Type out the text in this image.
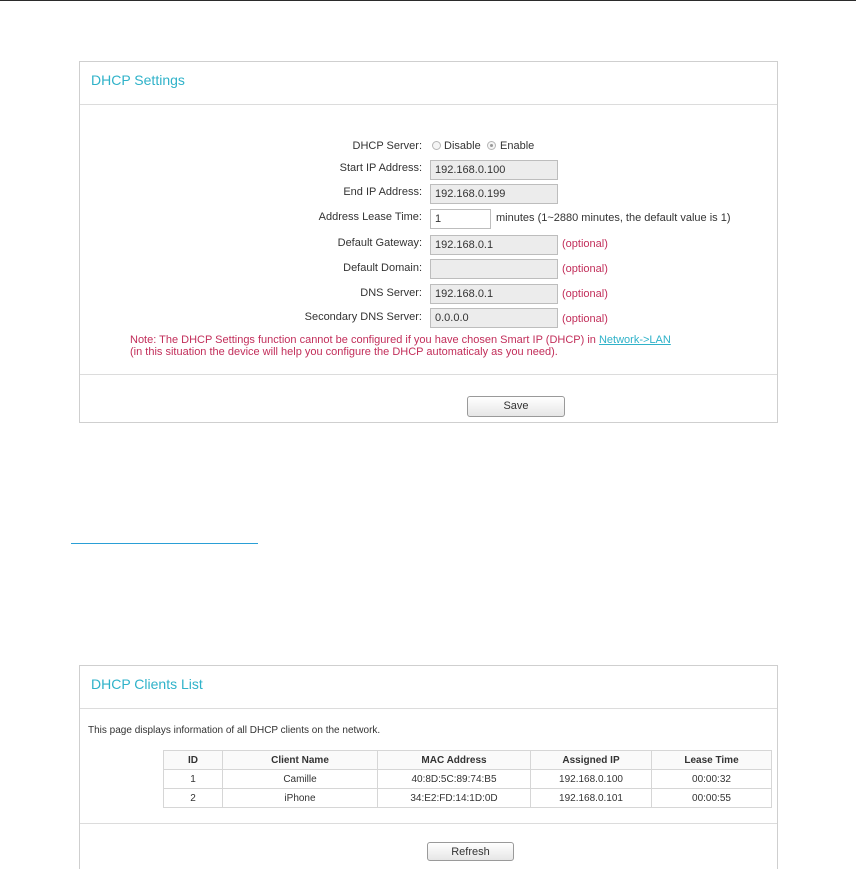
DHCP Settings
DHCP Server: Disable Enable
Start IP Address:
192.168.0.100
End IP Address:
192.168.0.199
Address Lease Time:
1	minutes (1~2880 minutes, the default value is 1)
Default Gateway:
192.168.0.1	(optional)
Default Domain:	(optional)
DNS Server:
192.168.0.1	(optional)
Secondary DNS Server:
0.0.0.0	(optional)
Note: The DHCP Settings function cannot be configured if you have chosen Smart IP (DHCP) in Network->LAN
(in this situation the device will help you configure the DHCP automaticaly as you need).
Save
DHCP Clients List
This page displays information of all DHCP clients on the network.
Refresh
ID	Client Name	MAC Address	Assigned IP	Lease Time
1	Camille	40:8D:5C:89:74:B5	192.168.0.100	00:00:32
2	iPhone	34:E2:FD:14:1D:0D	192.168.0.101	00:00:55
